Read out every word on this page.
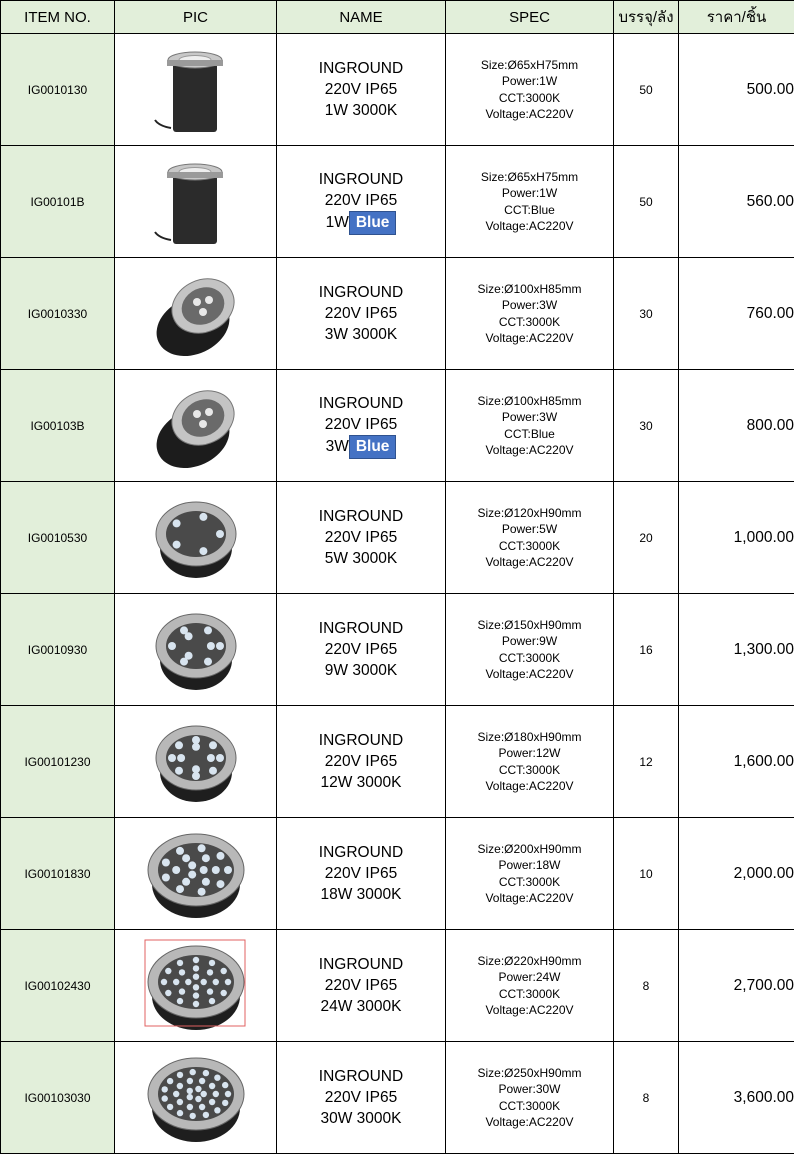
ITEM NO.	PIC	NAME	SPEC	บรรจุ/ลัง	ราคา/ชิ้น
IG0010130		INGROUND
220V IP65
1W 3000K	Size:Ø65xH75mm
Power:1W
CCT:3000K
Voltage:AC220V	50	500.00
IG00101B		INGROUND
220V IP65
1W Blue	Size:Ø65xH75mm
Power:1W
CCT:Blue
Voltage:AC220V	50	560.00
IG0010330		INGROUND
220V IP65
3W 3000K	Size:Ø100xH85mm
Power:3W
CCT:3000K
Voltage:AC220V	30	760.00
IG00103B		INGROUND
220V IP65
3W Blue	Size:Ø100xH85mm
Power:3W
CCT:Blue
Voltage:AC220V	30	800.00
IG0010530		INGROUND
220V IP65
5W 3000K	Size:Ø120xH90mm
Power:5W
CCT:3000K
Voltage:AC220V	20	1,000.00
IG0010930		INGROUND
220V IP65
9W 3000K	Size:Ø150xH90mm
Power:9W
CCT:3000K
Voltage:AC220V	16	1,300.00
IG00101230		INGROUND
220V IP65
12W 3000K	Size:Ø180xH90mm
Power:12W
CCT:3000K
Voltage:AC220V	12	1,600.00
IG00101830		INGROUND
220V IP65
18W 3000K	Size:Ø200xH90mm
Power:18W
CCT:3000K
Voltage:AC220V	10	2,000.00
IG00102430		INGROUND
220V IP65
24W 3000K	Size:Ø220xH90mm
Power:24W
CCT:3000K
Voltage:AC220V	8	2,700.00
IG00103030		INGROUND
220V IP65
30W 3000K	Size:Ø250xH90mm
Power:30W
CCT:3000K
Voltage:AC220V	8	3,600.00
